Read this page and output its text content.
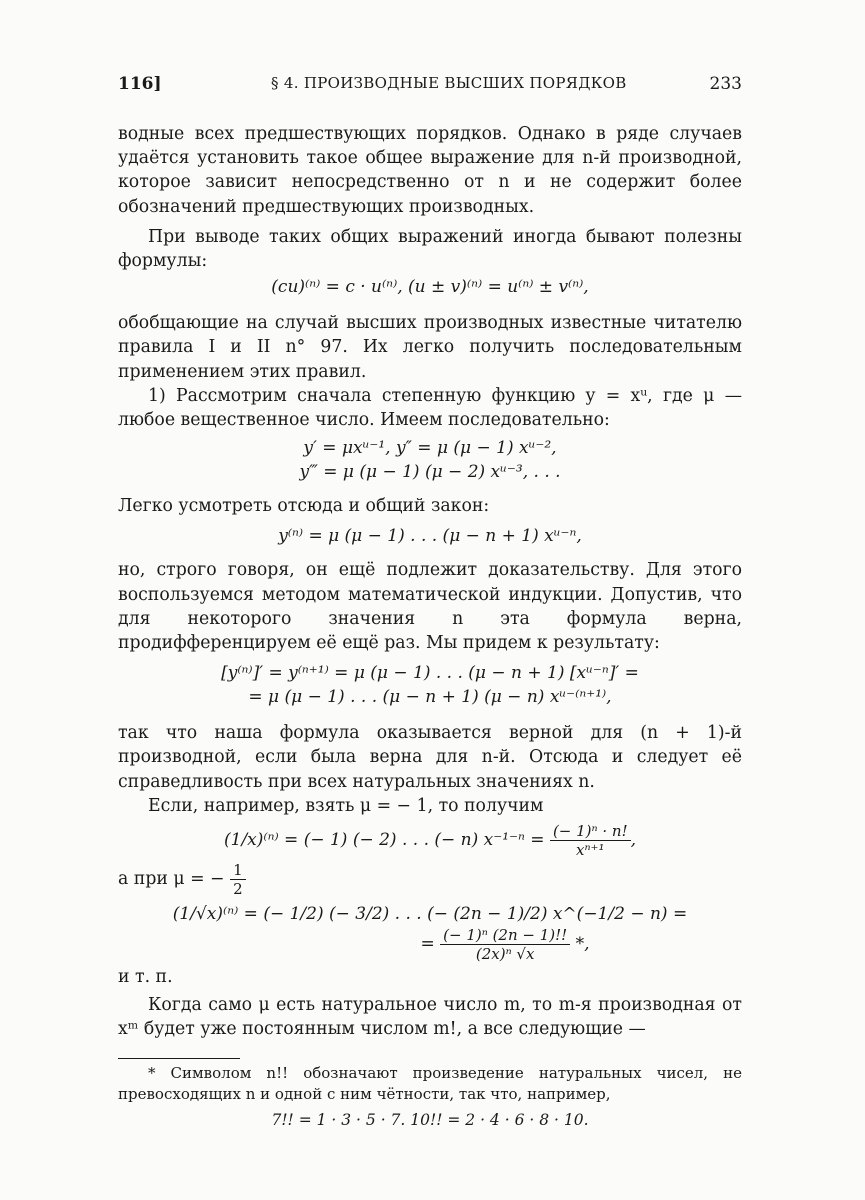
116]	§ 4. ПРОИЗВОДНЫЕ ВЫСШИХ ПОРЯДКОВ	233

водные всех предшествующих порядков. Однако в ряде случаев удаётся установить такое общее выражение для n-й производной, которое зависит непосредственно от n и не содержит более обозначений предшествующих производных.

При выводе таких общих выражений иногда бывают полезны формулы:

(cu)⁽ⁿ⁾ = c · u⁽ⁿ⁾, (u ± v)⁽ⁿ⁾ = u⁽ⁿ⁾ ± v⁽ⁿ⁾,

обобщающие на случай высших производных известные читателю правила I и II n° 97. Их легко получить последовательным применением этих правил.

1) Рассмотрим сначала степенную функцию y = xᵘ, где μ — любое вещественное число. Имеем последовательно:

y′ = μxᵘ⁻¹, y″ = μ (μ − 1) xᵘ⁻²,
y‴ = μ (μ − 1) (μ − 2) xᵘ⁻³, . . .

Легко усмотреть отсюда и общий закон:

y⁽ⁿ⁾ = μ (μ − 1) . . . (μ − n + 1) xᵘ⁻ⁿ,

но, строго говоря, он ещё подлежит доказательству. Для этого воспользуемся методом математической индукции. Допустив, что для некоторого значения n эта формула верна, продифференцируем её ещё раз. Мы придем к результату:

[y⁽ⁿ⁾]′ = y⁽ⁿ⁺¹⁾ = μ (μ − 1) . . . (μ − n + 1) [xᵘ⁻ⁿ]′ =
= μ (μ − 1) . . . (μ − n + 1) (μ − n) xᵘ⁻⁽ⁿ⁺¹⁾,

так что наша формула оказывается верной для (n + 1)-й производной, если была верна для n-й. Отсюда и следует её справедливость при всех натуральных значениях n.

Если, например, взять μ = − 1, то получим

(1/x)⁽ⁿ⁾ = (− 1) (− 2) . . . (− n) $x^{-1-n} = \frac{\text{(− 1)ⁿ · n!}}{\text{xⁿ⁺¹}}$ ,

а при μ = − $\frac{1}{2}$

(1/√x)⁽ⁿ⁾ = (− 1/2) (− 3/2) . . . (− (2n − 1)/2) x^(−1/2 − n) =
= $\frac{\text{(− 1)ⁿ (2n − 1)!!}}{\text{(2x)ⁿ √x}}$ *,

и т. п.

Когда само μ есть натуральное число m, то m-я производная от xᵐ будет уже постоянным числом m!, а все следующие —

* Символом n!! обозначают произведение натуральных чисел, не превосходящих n и одной с ним чётности, так что, например,
7!! = 1 · 3 · 5 · 7. 10!! = 2 · 4 · 6 · 8 · 10.
